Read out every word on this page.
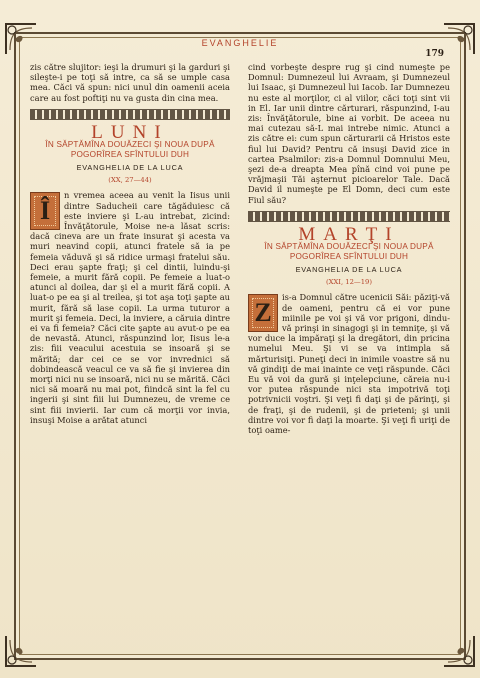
EVANGHELIE
179

zis către slujitor: ieşi la drumuri şi la garduri şi sileşte-i pe toţi să intre, ca să se umple casa mea. Căci vă spun: nici unul din oamenii aceia care au fost poftiţi nu va gusta din cina mea.

LUNI
ÎN SĂPTĂMÎNA DOUĂZECI ŞI NOUA DUPĂ POGORÎREA SFÎNTULUI DUH
EVANGHELIA DE LA LUCA
(XX, 27—44)

Î
n vremea aceea au venit la Iisus unii dintre Saducheii care tăgăduiesc că este inviere şi L-au intrebat, zicind: Învăţătorule, Moise ne-a lăsat scris: dacă cineva are un frate insurat şi acesta va muri neavind copii, atunci fratele să ia pe femeia văduvă şi să ridice urmaşi fratelui său. Deci erau şapte fraţi; şi cel dintii, luindu-şi femeie, a murit fără copii. Pe femeie a luat-o atunci al doilea, dar şi el a murit fără copii. A luat-o pe ea şi al treilea, şi tot aşa toţi şapte au murit, fără să lase copii. La urma tuturor a murit şi femeia. Deci, la inviere, a căruia dintre ei va fi femeia? Căci cite şapte au avut-o pe ea de nevastă. Atunci, răspunzind lor, Iisus le-a zis: fiii veacului acestuia se insoară şi se mărită; dar cei ce se vor invrednici să dobindească veacul ce va să fie şi invierea din morţi nici nu se insoară, nici nu se mărită. Căci nici să moară nu mai pot, fiindcă sint la fel cu ingerii şi sint fiii lui Dumnezeu, de vreme ce sint fiii invierii. Iar cum că morţii vor invia, insuşi Moise a arătat atunci

cind vorbeşte despre rug şi cind numeşte pe Domnul: Dumnezeul lui Avraam, şi Dumnezeul lui Isaac, şi Dumnezeul lui Iacob. Iar Dumnezeu nu este al morţilor, ci al viilor, căci toţi sint vii in El. Iar unii dintre cărturari, răspunzind, I-au zis: Învăţătorule, bine ai vorbit. De aceea nu mai cutezau să-L mai intrebe nimic. Atunci a zis către ei: cum spun cărturarii că Hristos este fiul lui David? Pentru că insuşi David zice in cartea Psalmilor: zis-a Domnul Domnului Meu, şezi de-a dreapta Mea pînă cind voi pune pe vrăjmaşii Tăi aşternut picioarelor Tale. Dacă David il numeşte pe El Domn, deci cum este Fiul său?

MARŢI
ÎN SĂPTĂMÎNA DOUĂZECI ŞI NOUA DUPĂ POGORÎREA SFÎNTULUI DUH
EVANGHELIA DE LA LUCA
(XXI, 12—19)

Z
is-a Domnul către ucenicii Săi: păziţi-vă de oameni, pentru că ei vor pune miinile pe voi şi vă vor prigoni, dindu-vă prinşi in sinagogi şi in temniţe, şi vă vor duce la impăraţi şi la dregători, din pricina numelui Meu. Şi vi se va intimpla să mărturisiţi. Puneţi deci in inimile voastre să nu vă gindiţi de mai inainte ce veţi răspunde. Căci Eu vă voi da gură şi inţelepciune, căreia nu-i vor putea răspunde nici sta impotrivă toţi potrivnicii voştri. Şi veţi fi daţi şi de părinţi, şi de fraţi, şi de rudenii, şi de prieteni; şi unii dintre voi vor fi daţi la moarte. Şi veţi fi uriţi de toţi oame-
